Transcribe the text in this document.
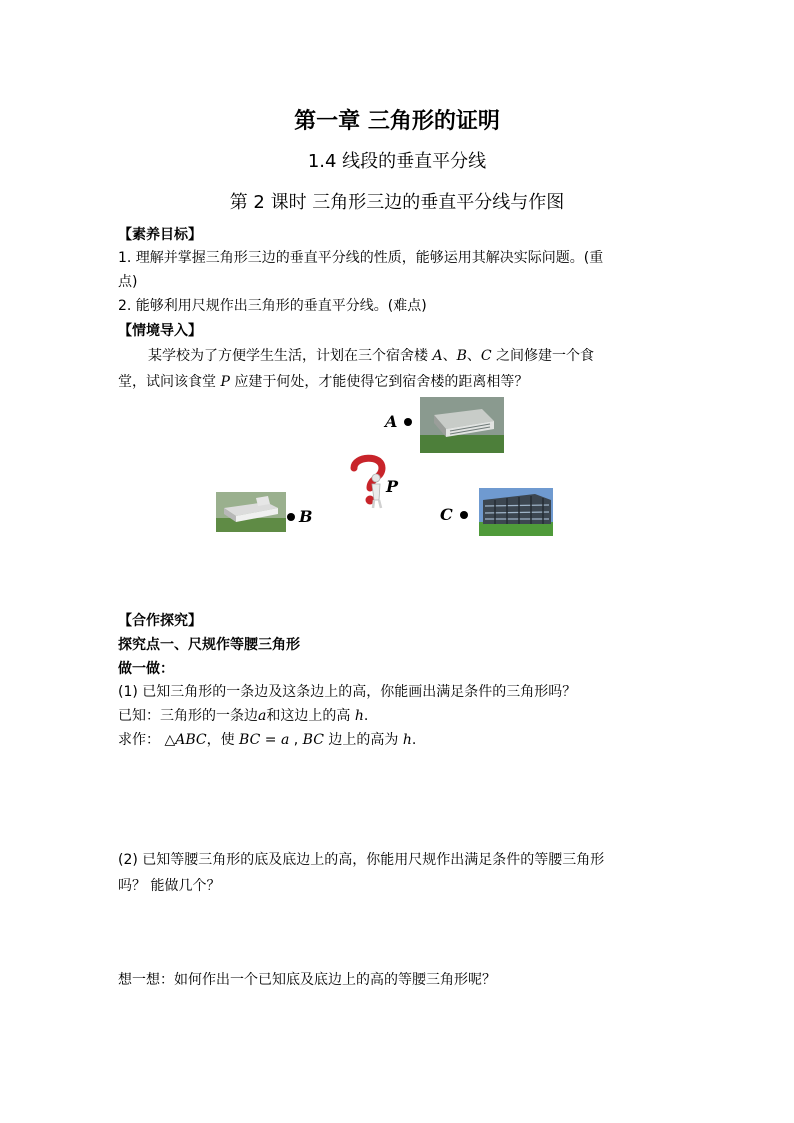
第一章 三角形的证明
1.4 线段的垂直平分线
第 2 课时 三角形三边的垂直平分线与作图
【素养目标】
1. 理解并掌握三角形三边的垂直平分线的性质，能够运用其解决实际问题。(重
点)
2. 能够利用尺规作出三角形的垂直平分线。(难点)
【情境导入】
某学校为了方便学生生活，计划在三个宿舍楼 A、B、C 之间修建一个食
堂，试问该食堂 P 应建于何处，才能使得它到宿舍楼的距离相等？
A
P
B	C
【合作探究】
探究点一、尺规作等腰三角形
做一做：
(1) 已知三角形的一条边及这条边上的高，你能画出满足条件的三角形吗？
已知：三角形的一条边a和这边上的高 h.
求作： △ABC，使 BC = a , BC 边上的高为 h.
(2) 已知等腰三角形的底及底边上的高，你能用尺规作出满足条件的等腰三角形
吗？ 能做几个？
想一想：如何作出一个已知底及底边上的高的等腰三角形呢？
